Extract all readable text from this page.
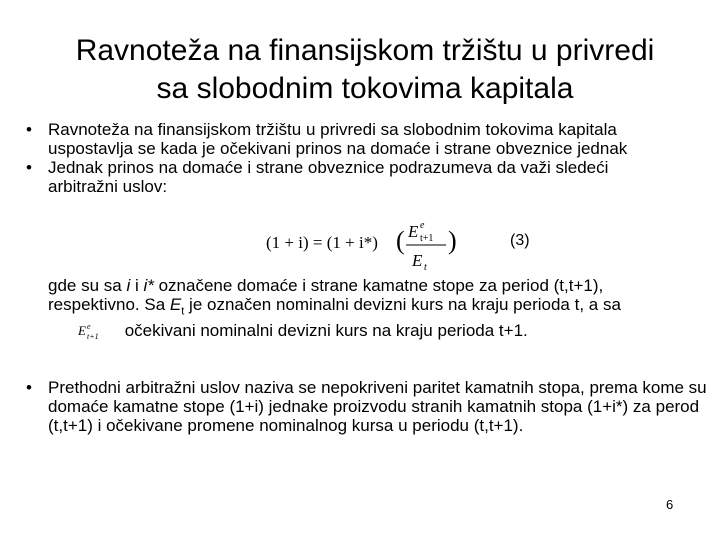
Ravnoteža na finansijskom tržištu u privredi
sa slobodnim tokovima kapitala
• Ravnoteža na finansijskom tržištu u privredi sa slobodnim tokovima kapitala uspostavlja se kada je očekivani prinos na domaće i strane obveznice jednak

• Jednak prinos na domaće i strane obveznice podrazumeva da važi sledeći arbitražni uslov:

(1 + i) = (1 + i*) ( E e
t+1
E t
)	(3)
gde su sa i i i* označene domaće i strane kamatne stope za period (t,t+1), respektivno. Sa $E_t$ je označen nominalni devizni kurs na kraju perioda t, a sa
E e
t+1 očekivani nominalni devizni kurs na kraju perioda t+1.
• Prethodni arbitražni uslov naziva se nepokriveni paritet kamatnih stopa, prema kome su domaće kamatne stope (1+i) jednake proizvodu stranih kamatnih stopa (1+i*) za perod (t,t+1) i očekivane promene nominalnog kursa u periodu (t,t+1).

6
